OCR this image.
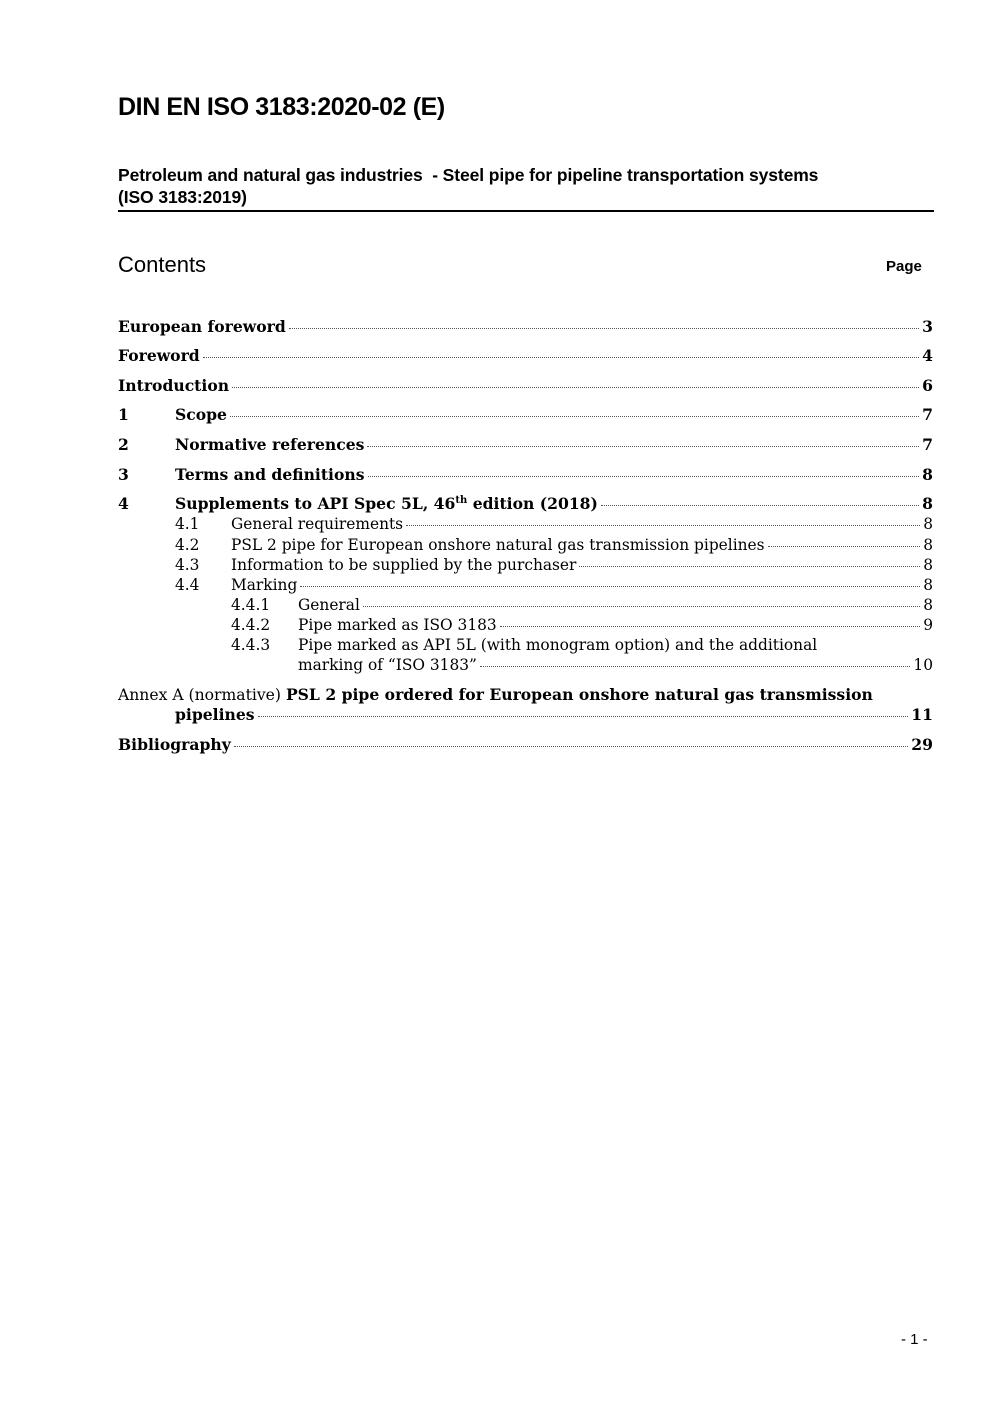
DIN EN ISO 3183:2020-02 (E)
Petroleum and natural gas industries  - Steel pipe for pipeline transportation systems
(ISO 3183:2019)
Contents	Page
European foreword	3
Foreword	4
Introduction	6
1	Scope	7
2	Normative references	7
3	Terms and definitions	8
4	Supplements to API Spec 5L, 46th edition (2018)	8
4.1 General requirements	8
4.2 PSL 2 pipe for European onshore natural gas transmission pipelines	8
4.3 Information to be supplied by the purchaser	8
4.4 Marking	8
4.4.1 General	8
4.4.2 Pipe marked as ISO 3183	9
4.4.3 Pipe marked as API 5L (with monogram option) and the additional
marking of “ISO 3183”	10
Annex A (normative) PSL 2 pipe ordered for European onshore natural gas transmission
pipelines	11
Bibliography	29
- 1 -
